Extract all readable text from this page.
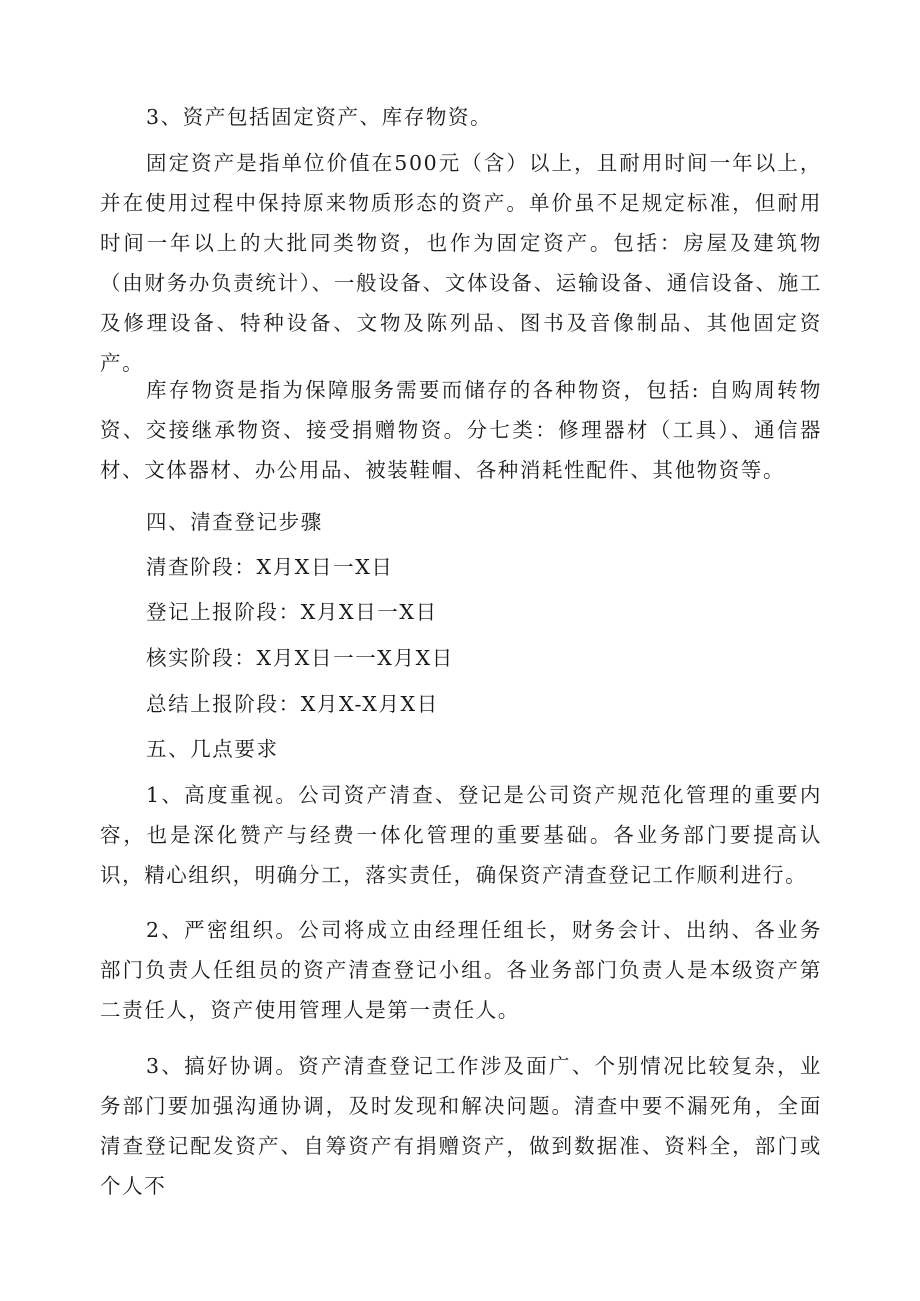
3、资产包括固定资产、库存物资。

固定资产是指单位价值在500元（含）以上，且耐用时间一年以上，并在使用过程中保持原来物质形态的资产。单价虽不足规定标准，但耐用时间一年以上的大批同类物资，也作为固定资产。包括：房屋及建筑物（由财务办负责统计）、一般设备、文体设备、运输设备、通信设备、施工及修理设备、特种设备、文物及陈列品、图书及音像制品、其他固定资产。

库存物资是指为保障服务需要而储存的各种物资，包括: 自购周转物资、交接继承物资、接受捐赠物资。分七类：修理器材（工具）、通信器材、文体器材、办公用品、被装鞋帽、各种消耗性配件、其他物资等。

四、清查登记步骤

清查阶段：X月X日一X日

登记上报阶段：X月X日一X日

核实阶段：X月X日一一X月X日

总结上报阶段：X月X-X月X日

五、几点要求

1、高度重视。公司资产清查、登记是公司资产规范化管理的重要内容，也是深化赞产与经费一体化管理的重要基础。各业务部门要提高认识，精心组织，明确分工，落实责任，确保资产清查登记工作顺利进行。

2、严密组织。公司将成立由经理任组长，财务会计、出纳、各业务部门负责人任组员的资产清查登记小组。各业务部门负责人是本级资产第二责任人，资产使用管理人是第一责任人。

3、搞好协调。资产清查登记工作涉及面广、个别情况比较复杂，业务部门要加强沟通协调，及时发现和解决问题。清查中要不漏死角，全面清查登记配发资产、自筹资产有捐赠资产，做到数据准、资料全，部门或个人不
